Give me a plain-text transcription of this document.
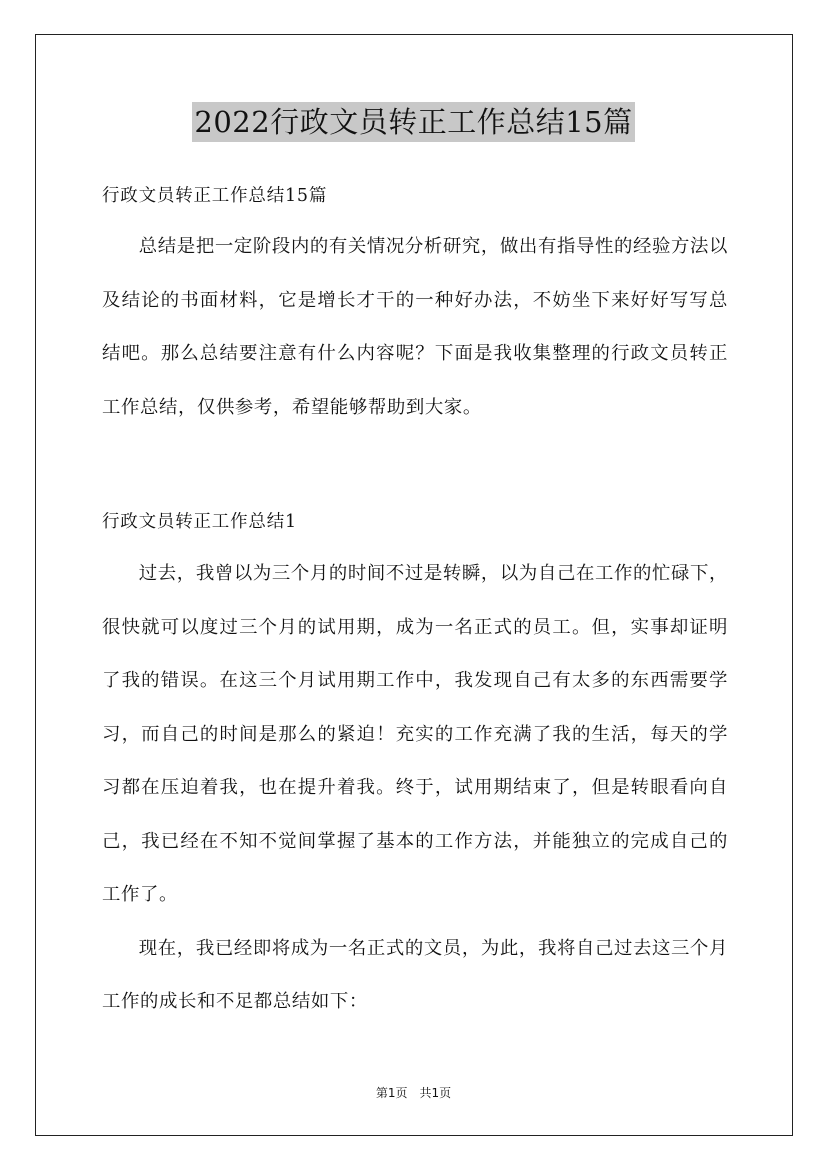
2022行政文员转正工作总结15篇
行政文员转正工作总结15篇

总结是把一定阶段内的有关情况分析研究，做出有指导性的经验方法以及结论的书面材料，它是增长才干的一种好办法，不妨坐下来好好写写总结吧。那么总结要注意有什么内容呢？下面是我收集整理的行政文员转正工作总结，仅供参考，希望能够帮助到大家。

行政文员转正工作总结1

过去，我曾以为三个月的时间不过是转瞬，以为自己在工作的忙碌下，很快就可以度过三个月的试用期，成为一名正式的员工。但，实事却证明了我的错误。在这三个月试用期工作中，我发现自己有太多的东西需要学习，而自己的时间是那么的紧迫！充实的工作充满了我的生活，每天的学习都在压迫着我，也在提升着我。终于，试用期结束了，但是转眼看向自己，我已经在不知不觉间掌握了基本的工作方法，并能独立的完成自己的工作了。

现在，我已经即将成为一名正式的文员，为此，我将自己过去这三个月工作的成长和不足都总结如下：

第1页　共1页
